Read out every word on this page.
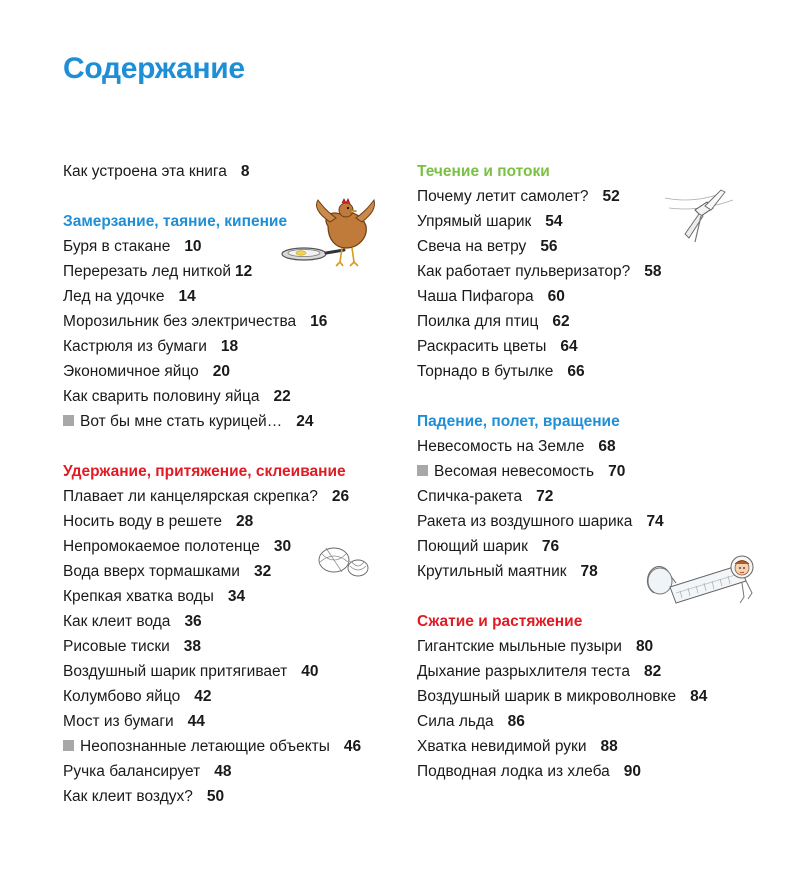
Содержание
Как устроена эта книга 8
Замерзание, таяние, кипение
Буря в стакане 10
Перерезать лед ниткой 12
Лед на удочке 14
Морозильник без электричества 16
Кастрюля из бумаги 18
Экономичное яйцо 20
Как сварить половину яйца 22
Вот бы мне стать курицей… 24
Удержание, притяжение, склеивание
Плавает ли канцелярская скрепка? 26
Носить воду в решете 28
Непромокаемое полотенце 30
Вода вверх тормашками 32
Крепкая хватка воды 34
Как клеит вода 36
Рисовые тиски 38
Воздушный шарик притягивает 40
Колумбово яйцо 42
Мост из бумаги 44
Неопознанные летающие объекты 46
Ручка балансирует 48
Как клеит воздух? 50
Течение и потоки
Почему летит самолет? 52
Упрямый шарик 54
Свеча на ветру 56
Как работает пульверизатор? 58
Чаша Пифагора 60
Поилка для птиц 62
Раскрасить цветы 64
Торнадо в бутылке 66
Падение, полет, вращение
Невесомость на Земле 68
Весомая невесомость 70
Спичка-ракета 72
Ракета из воздушного шарика 74
Поющий шарик 76
Крутильный маятник 78
Сжатие и растяжение
Гигантские мыльные пузыри 80
Дыхание разрыхлителя теста 82
Воздушный шарик в микроволновке 84
Сила льда 86
Хватка невидимой руки 88
Подводная лодка из хлеба 90
